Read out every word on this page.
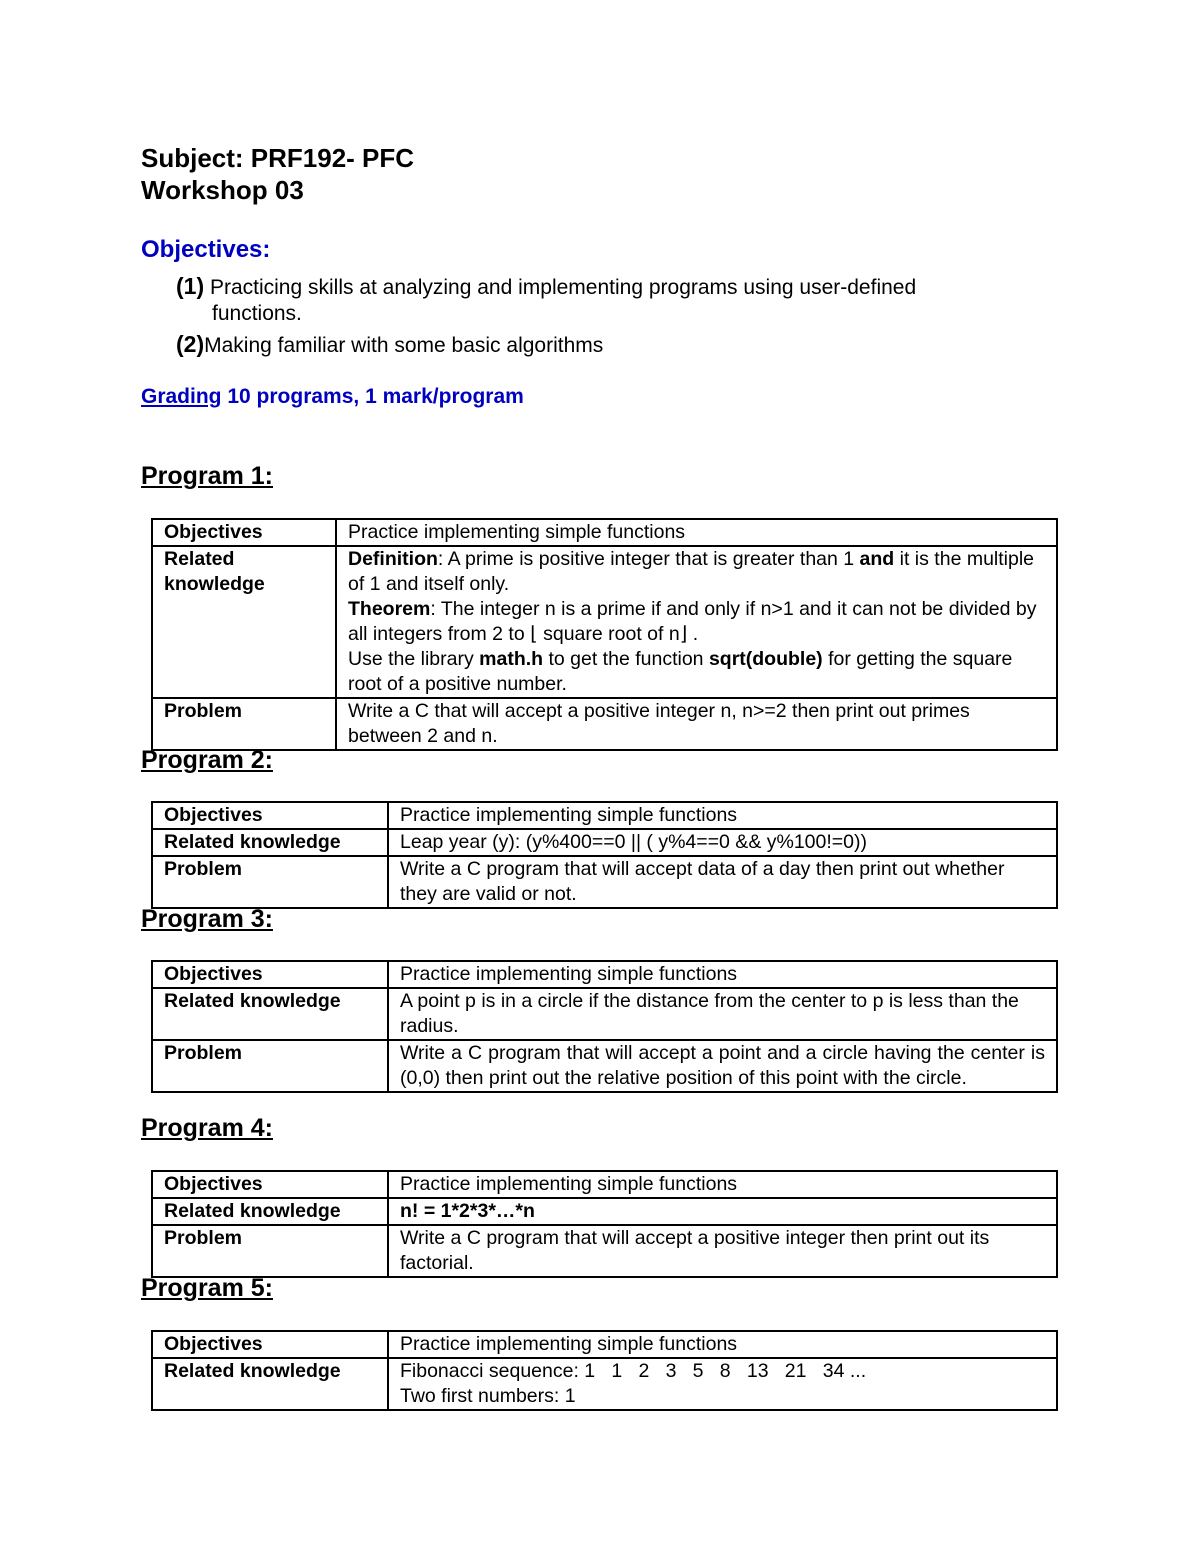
Subject: PRF192- PFC
Workshop 03
Objectives:
(1) Practicing skills at analyzing and implementing programs using user-defined
functions.
(2)Making familiar with some basic algorithms
Grading 10 programs, 1 mark/program
Program 1:
Objectives	Practice implementing simple functions
Related knowledge	Definition: A prime is positive integer that is greater than 1 and it is the multiple of 1 and itself only.
Theorem: The integer n is a prime if and only if n>1 and it can not be divided by all integers from 2 to ⌊ square root of n⌋ .
Use the library math.h to get the function sqrt(double) for getting the square root of a positive number.
Problem	Write a C that will accept a positive integer n, n>=2 then print out primes between 2 and n.
Program 2:
Objectives	Practice implementing simple functions
Related knowledge	Leap year (y): (y%400==0 || ( y%4==0 && y%100!=0))
Problem	Write a C program that will accept data of a day then print out whether they are valid or not.
Program 3:
Objectives	Practice implementing simple functions
Related knowledge	A point p is in a circle if the distance from the center to p is less than the radius.
Problem	Write a C program that will accept a point and a circle having the center is (0,0) then print out the relative position of this point with the circle.
Program 4:
Objectives	Practice implementing simple functions
Related knowledge	n! = 1*2*3*…*n
Problem	Write a C program that will accept a positive integer then print out its factorial.
Program 5:
Objectives	Practice implementing simple functions
Related knowledge	Fibonacci sequence: 1   1   2   3   5   8   13   21   34 ...
Two first numbers: 1
